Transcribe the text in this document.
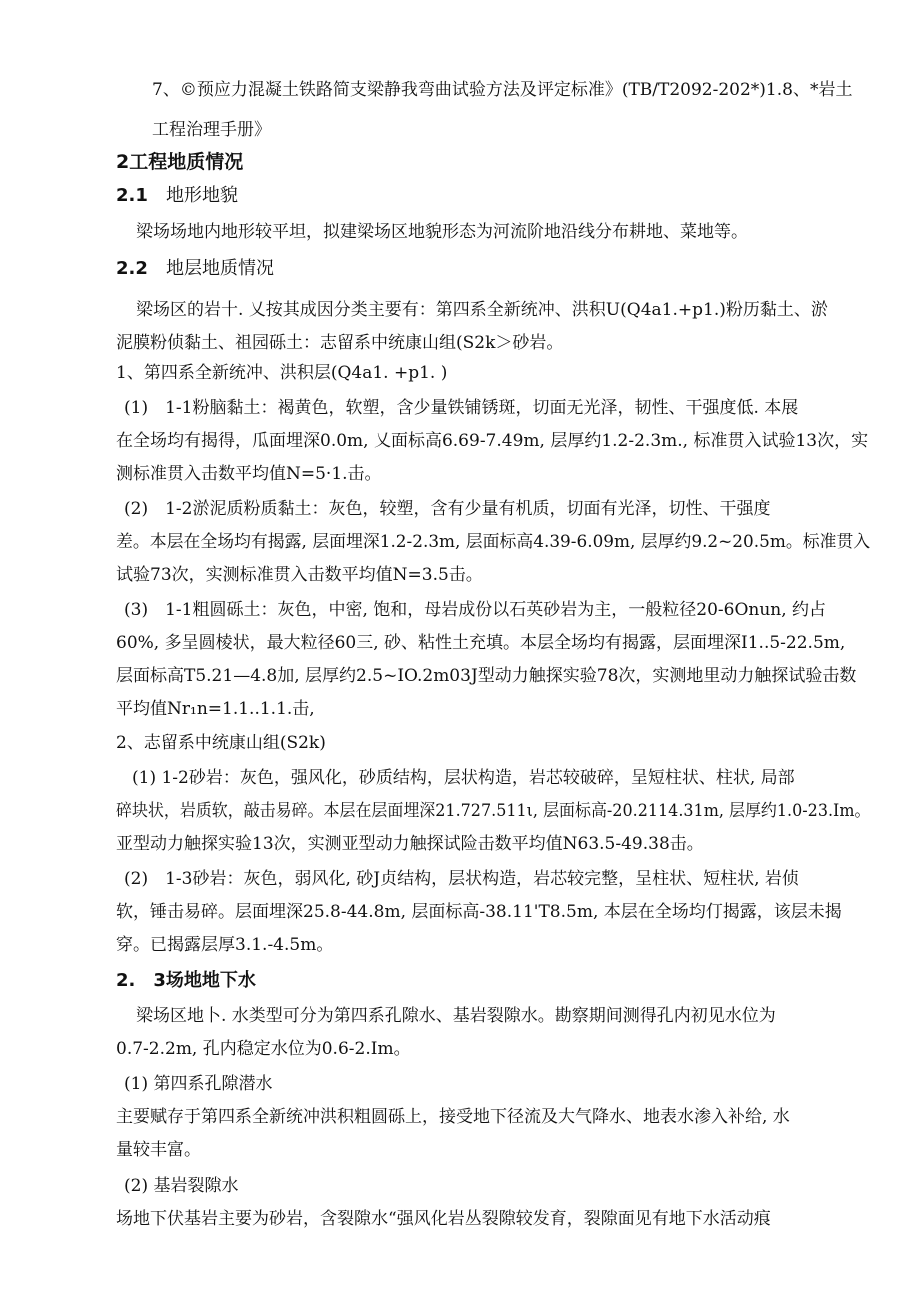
7、©预应力混凝土铁路简支梁静我弯曲试验方法及评定标准》(TB/T2092-202*)1.8、*岩土
工程治理手册》
2工程地质情况
2.1 地形地貌
梁场场地内地形较平坦，拟建梁场区地貌形态为河流阶地沿线分布耕地、菜地等。
2.2 地层地质情况
梁场区的岩十. 乂按其成因分类主要有：第四系全新统冲、洪积U(Q4a1.+p1.)粉历黏土、淤
泥膜粉侦黏土、祖园砾土：志留系中统康山组(S2k＞砂岩。
1、第四系全新统冲、洪积层(Q4a1. +p1. )
(1)　1-1粉脑黏土：褐黄色，软塑，含少量铁铺锈斑，切面无光泽，韧性、干强度低. 本展
在全场均有揭得，瓜面埋深0.0m, 乂面标高6.69-7.49m, 层厚约1.2-2.3m., 标准贯入试验13次，实
测标准贯入击数平均值N=5·1.击。
(2)　1-2淤泥质粉质黏土：灰色，较塑，含有少量有机质，切面有光泽，切性、干强度
差。本层在全场均有揭露, 层面埋深1.2-2.3m, 层面标高4.39-6.09m, 层厚约9.2~20.5m。标准贯入
试验73次，实测标准贯入击数平均值N=3.5击。
(3)　1-1粗圆砾土：灰色，中密, 饱和，母岩成份以石英砂岩为主，一般粒径20-6Onun, 约占
60%, 多呈圆棱状，最大粒径60三, 砂、粘性土充填。本层全场均有揭露，层面埋深I1..5-22.5m,
层面标高T5.21—4.8加, 层厚约2.5~IO.2m03J型动力触探实验78次，实测地里动力触探试验击数
平均值Nr₁n=1.1..1.1.击,
2、志留系中统康山组(S2k)
(1) 1-2砂岩：灰色，强风化，砂质结构，层状构造，岩芯较破碎，呈短柱状、柱状, 局部
碎块状，岩质软，敲击易碎。本层在层面埋深21.727.511ι, 层面标高-20.2114.31m, 层厚约1.0-23.Im。
亚型动力触探实验13次，实测亚型动力触探试险击数平均值N63.5-49.38击。
(2)　1-3砂岩：灰色，弱风化, 砂J贞结构，层状构造，岩芯较完整，呈柱状、短柱状, 岩侦
软，锤击易碎。层面埋深25.8-44.8m, 层面标高-38.11'T8.5m, 本层在全场均仃揭露，该层未揭
穿。已揭露层厚3.1.-4.5m。
2.　3场地地下水
梁场区地卜. 水类型可分为第四系孔隙水、基岩裂隙水。勘察期间测得孔内初见水位为
0.7-2.2m, 孔内稳定水位为0.6-2.Im。
(1) 第四系孔隙潜水
主要赋存于第四系全新统冲洪积粗圆砾上，接受地下径流及大气降水、地表水渗入补给, 水
量较丰富。
(2) 基岩裂隙水
场地下伏基岩主要为砂岩，含裂隙水“强风化岩丛裂隙较发育，裂隙面见有地下水活动痕
